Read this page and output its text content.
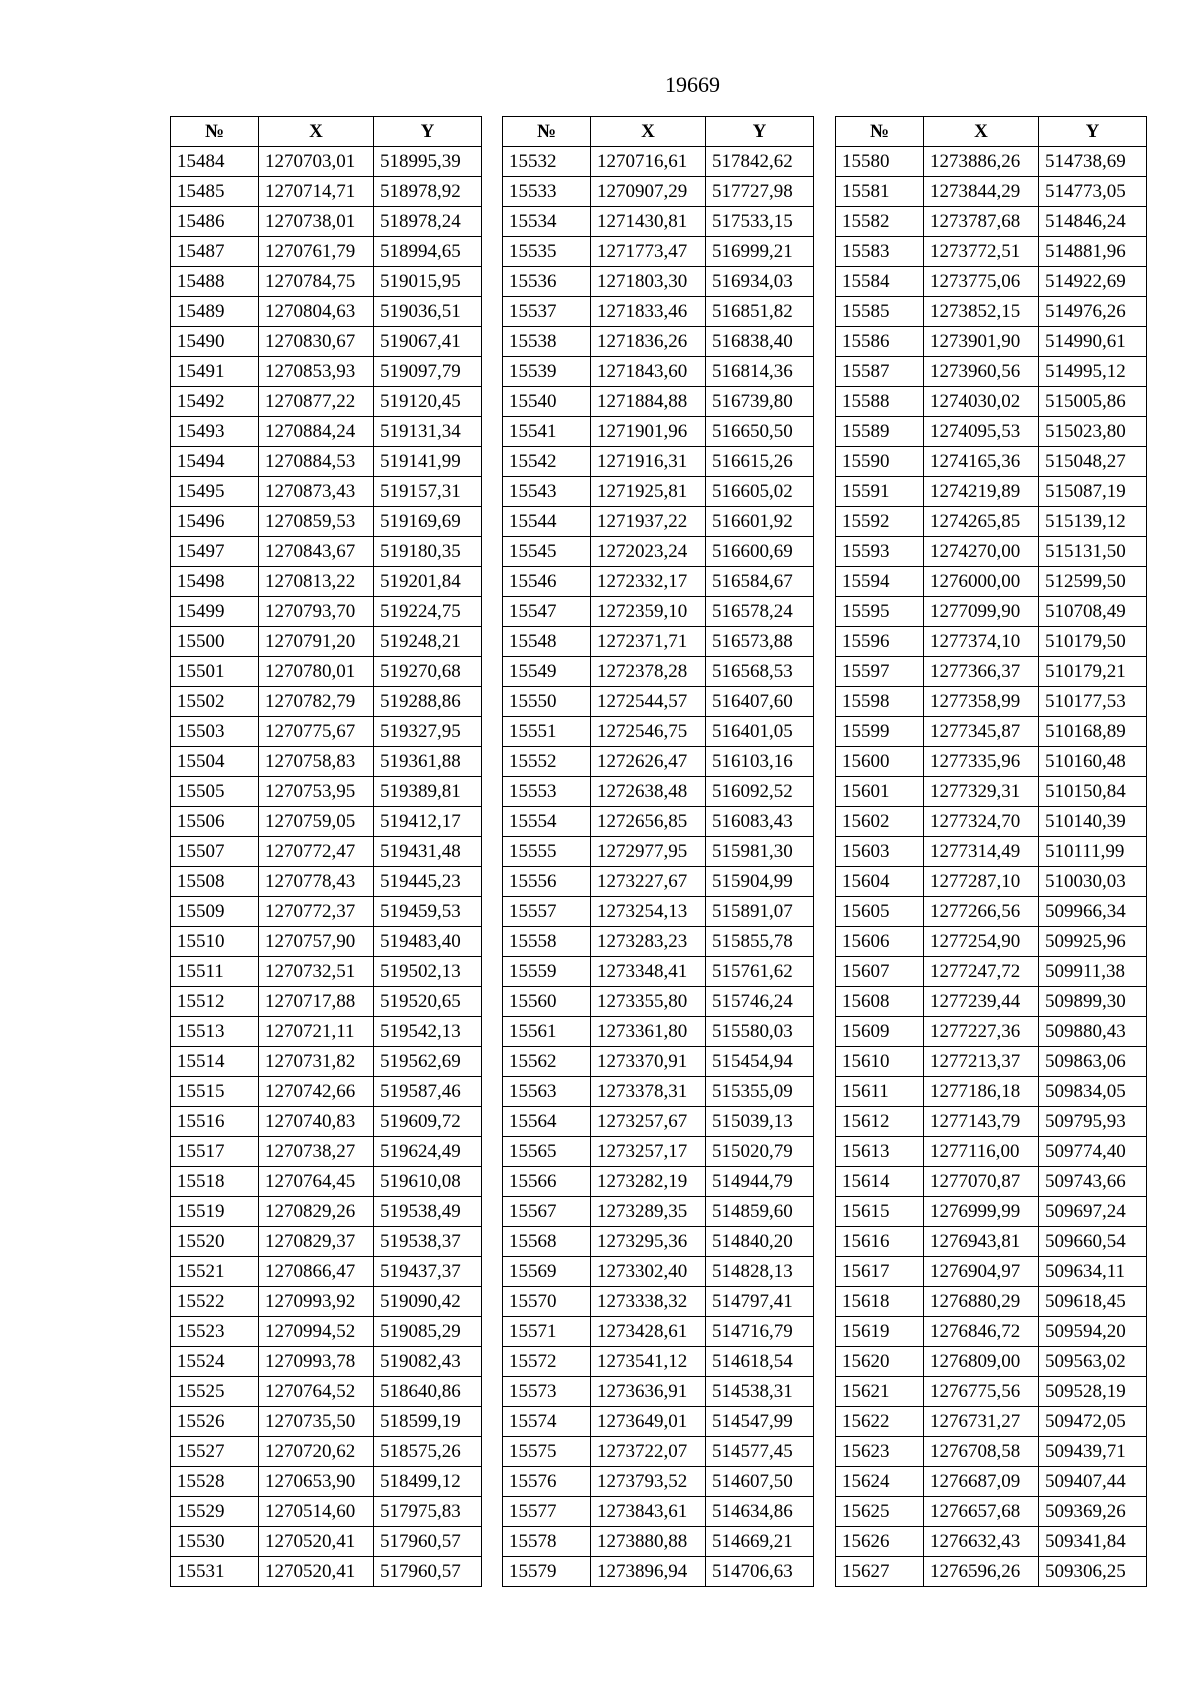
19669
№	X	Y
15484	1270703,01	518995,39
15485	1270714,71	518978,92
15486	1270738,01	518978,24
15487	1270761,79	518994,65
15488	1270784,75	519015,95
15489	1270804,63	519036,51
15490	1270830,67	519067,41
15491	1270853,93	519097,79
15492	1270877,22	519120,45
15493	1270884,24	519131,34
15494	1270884,53	519141,99
15495	1270873,43	519157,31
15496	1270859,53	519169,69
15497	1270843,67	519180,35
15498	1270813,22	519201,84
15499	1270793,70	519224,75
15500	1270791,20	519248,21
15501	1270780,01	519270,68
15502	1270782,79	519288,86
15503	1270775,67	519327,95
15504	1270758,83	519361,88
15505	1270753,95	519389,81
15506	1270759,05	519412,17
15507	1270772,47	519431,48
15508	1270778,43	519445,23
15509	1270772,37	519459,53
15510	1270757,90	519483,40
15511	1270732,51	519502,13
15512	1270717,88	519520,65
15513	1270721,11	519542,13
15514	1270731,82	519562,69
15515	1270742,66	519587,46
15516	1270740,83	519609,72
15517	1270738,27	519624,49
15518	1270764,45	519610,08
15519	1270829,26	519538,49
15520	1270829,37	519538,37
15521	1270866,47	519437,37
15522	1270993,92	519090,42
15523	1270994,52	519085,29
15524	1270993,78	519082,43
15525	1270764,52	518640,86
15526	1270735,50	518599,19
15527	1270720,62	518575,26
15528	1270653,90	518499,12
15529	1270514,60	517975,83
15530	1270520,41	517960,57
15531	1270520,41	517960,57
№	X	Y
15532	1270716,61	517842,62
15533	1270907,29	517727,98
15534	1271430,81	517533,15
15535	1271773,47	516999,21
15536	1271803,30	516934,03
15537	1271833,46	516851,82
15538	1271836,26	516838,40
15539	1271843,60	516814,36
15540	1271884,88	516739,80
15541	1271901,96	516650,50
15542	1271916,31	516615,26
15543	1271925,81	516605,02
15544	1271937,22	516601,92
15545	1272023,24	516600,69
15546	1272332,17	516584,67
15547	1272359,10	516578,24
15548	1272371,71	516573,88
15549	1272378,28	516568,53
15550	1272544,57	516407,60
15551	1272546,75	516401,05
15552	1272626,47	516103,16
15553	1272638,48	516092,52
15554	1272656,85	516083,43
15555	1272977,95	515981,30
15556	1273227,67	515904,99
15557	1273254,13	515891,07
15558	1273283,23	515855,78
15559	1273348,41	515761,62
15560	1273355,80	515746,24
15561	1273361,80	515580,03
15562	1273370,91	515454,94
15563	1273378,31	515355,09
15564	1273257,67	515039,13
15565	1273257,17	515020,79
15566	1273282,19	514944,79
15567	1273289,35	514859,60
15568	1273295,36	514840,20
15569	1273302,40	514828,13
15570	1273338,32	514797,41
15571	1273428,61	514716,79
15572	1273541,12	514618,54
15573	1273636,91	514538,31
15574	1273649,01	514547,99
15575	1273722,07	514577,45
15576	1273793,52	514607,50
15577	1273843,61	514634,86
15578	1273880,88	514669,21
15579	1273896,94	514706,63
№	X	Y
15580	1273886,26	514738,69
15581	1273844,29	514773,05
15582	1273787,68	514846,24
15583	1273772,51	514881,96
15584	1273775,06	514922,69
15585	1273852,15	514976,26
15586	1273901,90	514990,61
15587	1273960,56	514995,12
15588	1274030,02	515005,86
15589	1274095,53	515023,80
15590	1274165,36	515048,27
15591	1274219,89	515087,19
15592	1274265,85	515139,12
15593	1274270,00	515131,50
15594	1276000,00	512599,50
15595	1277099,90	510708,49
15596	1277374,10	510179,50
15597	1277366,37	510179,21
15598	1277358,99	510177,53
15599	1277345,87	510168,89
15600	1277335,96	510160,48
15601	1277329,31	510150,84
15602	1277324,70	510140,39
15603	1277314,49	510111,99
15604	1277287,10	510030,03
15605	1277266,56	509966,34
15606	1277254,90	509925,96
15607	1277247,72	509911,38
15608	1277239,44	509899,30
15609	1277227,36	509880,43
15610	1277213,37	509863,06
15611	1277186,18	509834,05
15612	1277143,79	509795,93
15613	1277116,00	509774,40
15614	1277070,87	509743,66
15615	1276999,99	509697,24
15616	1276943,81	509660,54
15617	1276904,97	509634,11
15618	1276880,29	509618,45
15619	1276846,72	509594,20
15620	1276809,00	509563,02
15621	1276775,56	509528,19
15622	1276731,27	509472,05
15623	1276708,58	509439,71
15624	1276687,09	509407,44
15625	1276657,68	509369,26
15626	1276632,43	509341,84
15627	1276596,26	509306,25
